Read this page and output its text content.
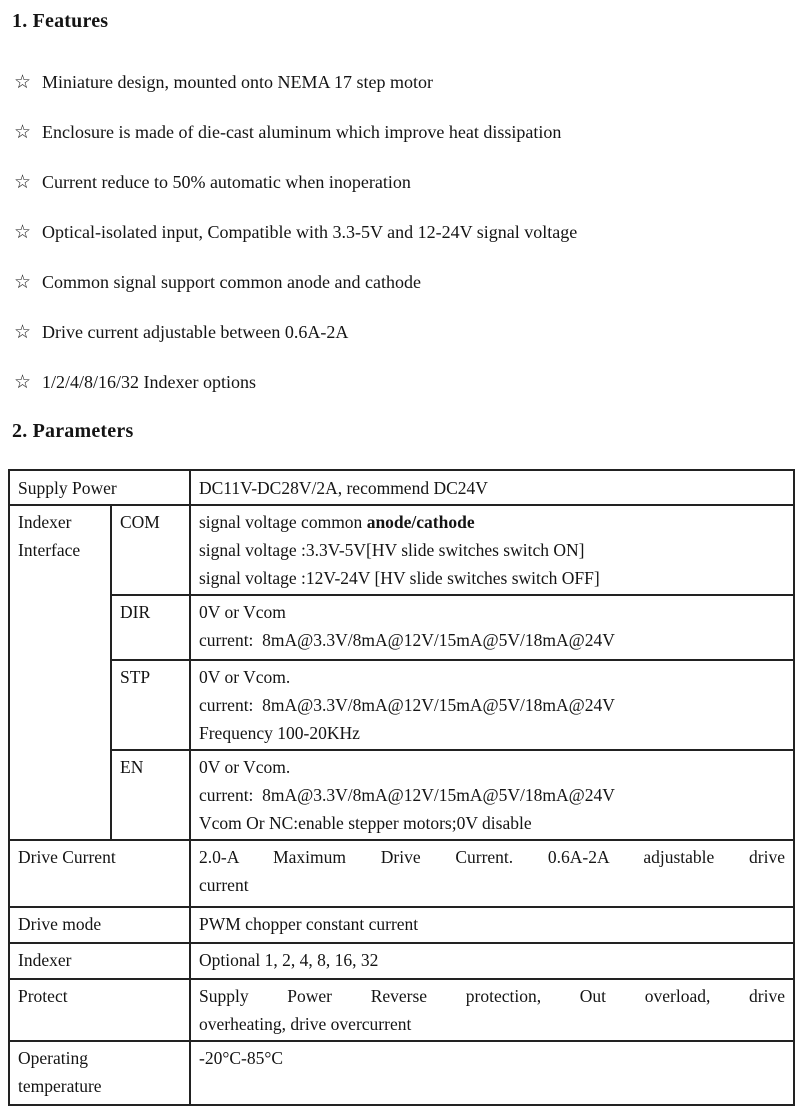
1. Features
☆ Miniature design, mounted onto NEMA 17 step motor
☆ Enclosure is made of die-cast aluminum which improve heat dissipation
☆ Current reduce to 50% automatic when inoperation
☆ Optical-isolated input, Compatible with 3.3-5V and 12-24V signal voltage
☆ Common signal support common anode and cathode
☆ Drive current adjustable between 0.6A-2A
☆ 1/2/4/8/16/32 Indexer options
2. Parameters
Supply Power		DC11V-DC28V/2A, recommend DC24V
Indexer Interface	COM	signal voltage common anode/cathode
signal voltage :3.3V-5V[HV slide switches switch ON]
signal voltage :12V-24V [HV slide switches switch OFF]

	DIR	0V or Vcom
current:  8mA@3.3V/8mA@12V/15mA@5V/18mA@24V

	STP	0V or Vcom.
current:  8mA@3.3V/8mA@12V/15mA@5V/18mA@24V
Frequency 100-20KHz

	EN	0V or Vcom.
current:  8mA@3.3V/8mA@12V/15mA@5V/18mA@24V
Vcom Or NC:enable stepper motors;0V disable

Drive Current		2.0-A Maximum Drive Current. 0.6A-2A adjustable drive
current

Drive mode		PWM chopper constant current
Indexer		Optional 1, 2, 4, 8, 16, 32
Protect		Supply Power Reverse protection, Out overload, drive
overheating, drive overcurrent

Operating temperature		-20°C-85°C
